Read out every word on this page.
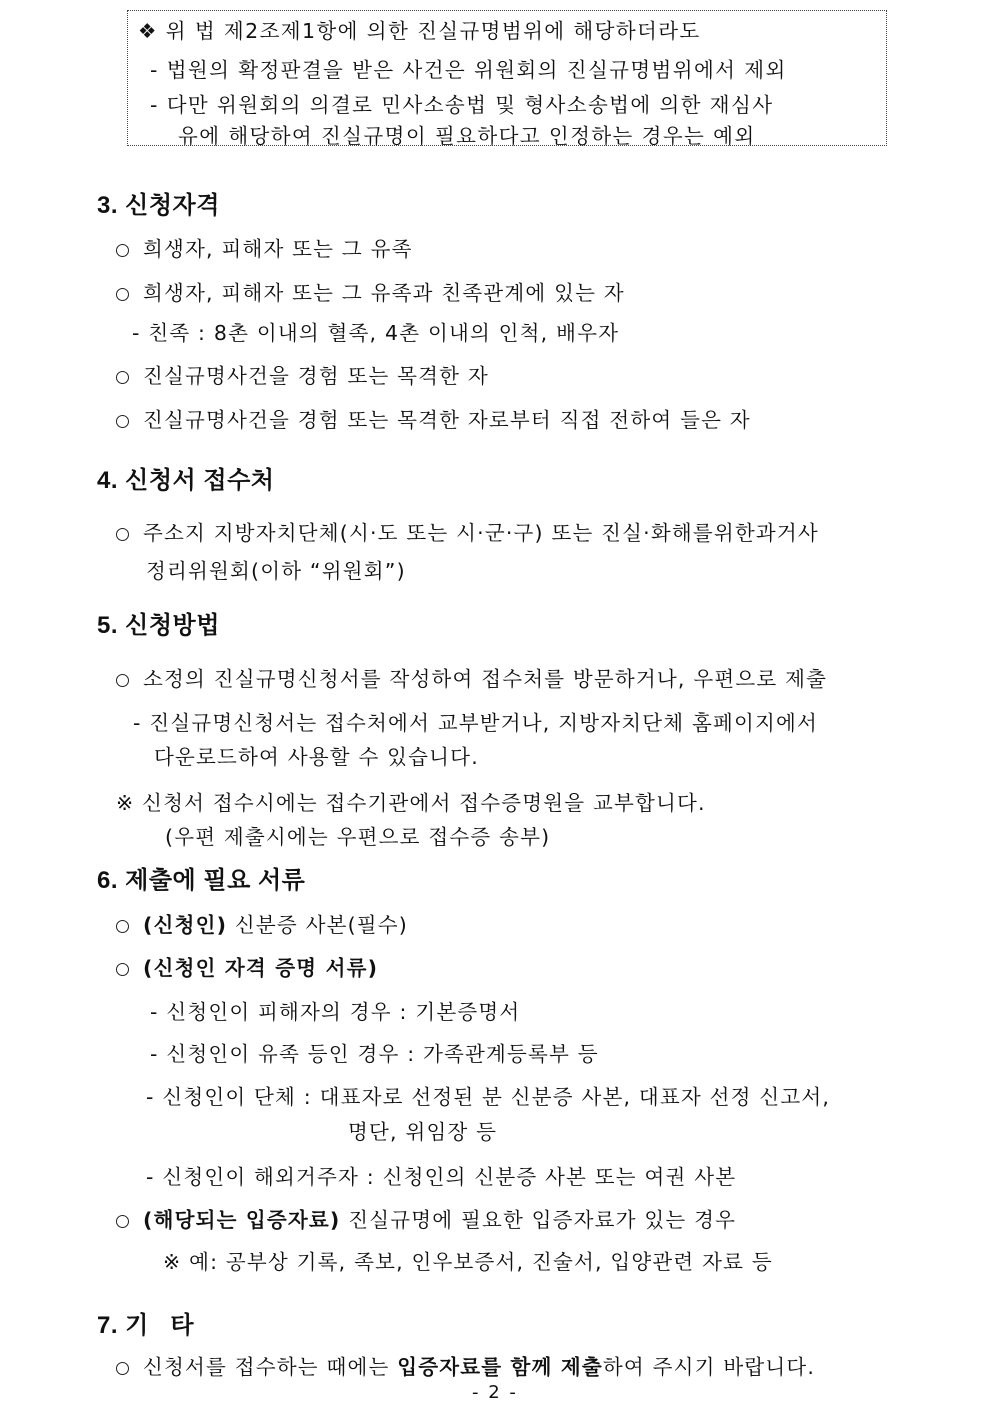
❖ 위 법 제2조제1항에 의한 진실규명범위에 해당하더라도
- 법원의 확정판결을 받은 사건은 위원회의 진실규명범위에서 제외
- 다만 위원회의 의결로 민사소송법 및 형사소송법에 의한 재심사
유에 해당하여 진실규명이 필요하다고 인정하는 경우는 예외
3. 신청자격
희생자, 피해자 또는 그 유족
희생자, 피해자 또는 그 유족과 친족관계에 있는 자
- 친족 : 8촌 이내의 혈족, 4촌 이내의 인척, 배우자
진실규명사건을 경험 또는 목격한 자
진실규명사건을 경험 또는 목격한 자로부터 직접 전하여 들은 자
4. 신청서 접수처
주소지 지방자치단체(시·도 또는 시·군·구) 또는 진실·화해를위한과거사
정리위원회(이하 “위원회”)
5. 신청방법
소정의 진실규명신청서를 작성하여 접수처를 방문하거나, 우편으로 제출
- 진실규명신청서는 접수처에서 교부받거나, 지방자치단체 홈페이지에서
다운로드하여 사용할 수 있습니다.
※ 신청서 접수시에는 접수기관에서 접수증명원을 교부합니다.
(우편 제출시에는 우편으로 접수증 송부)
6. 제출에 필요 서류
(신청인) 신분증 사본(필수)
(신청인 자격 증명 서류)
- 신청인이 피해자의 경우 : 기본증명서
- 신청인이 유족 등인 경우 : 가족관계등록부 등
- 신청인이 단체 : 대표자로 선정된 분 신분증 사본, 대표자 선정 신고서,
명단, 위임장 등
- 신청인이 해외거주자 : 신청인의 신분증 사본 또는 여권 사본
(해당되는 입증자료) 진실규명에 필요한 입증자료가 있는 경우
※ 예: 공부상 기록, 족보, 인우보증서, 진술서, 입양관련 자료 등
7. 기   타
신청서를 접수하는 때에는 입증자료를 함께 제출하여 주시기 바랍니다.
- 2 -
